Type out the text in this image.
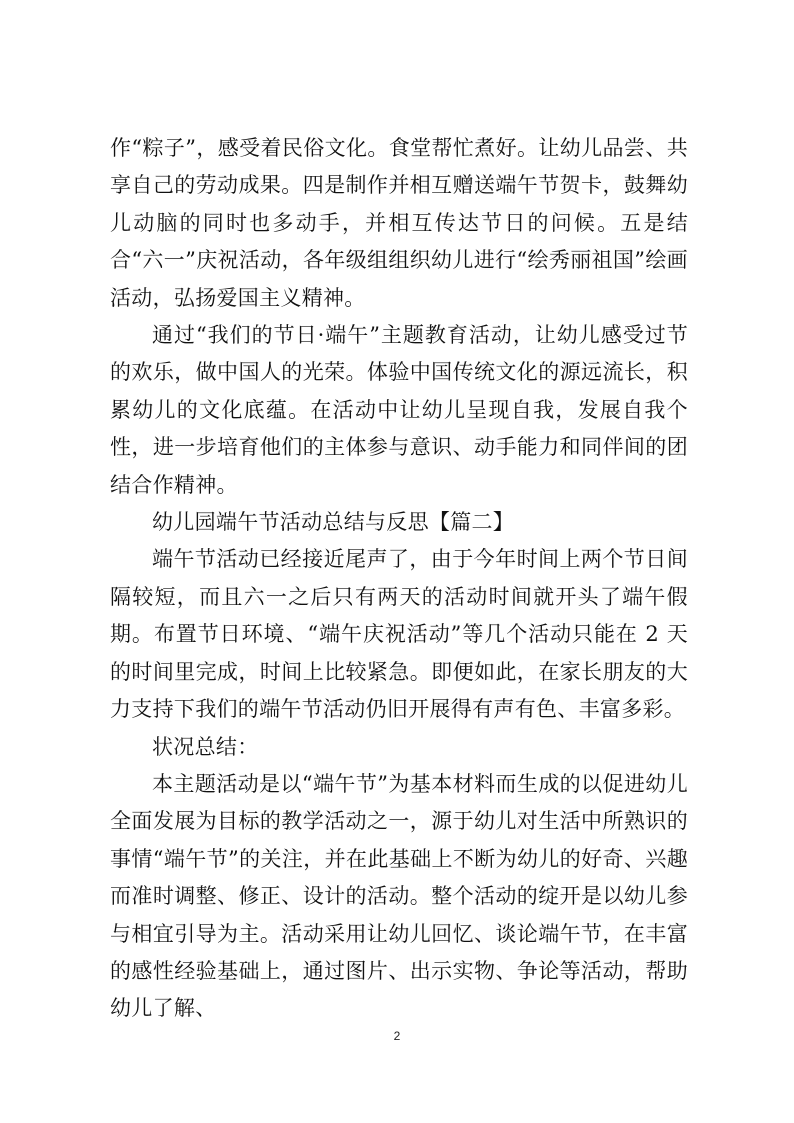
作“粽子”，感受着民俗文化。食堂帮忙煮好。让幼儿品尝、共享自己的劳动成果。四是制作并相互赠送端午节贺卡，鼓舞幼儿动脑的同时也多动手，并相互传达节日的问候。五是结合“六一”庆祝活动，各年级组组织幼儿进行“绘秀丽祖国”绘画活动，弘扬爱国主义精神。

通过“我们的节日·端午”主题教育活动，让幼儿感受过节的欢乐，做中国人的光荣。体验中国传统文化的源远流长，积累幼儿的文化底蕴。在活动中让幼儿呈现自我，发展自我个性，进一步培育他们的主体参与意识、动手能力和同伴间的团结合作精神。

幼儿园端午节活动总结与反思【篇二】

端午节活动已经接近尾声了，由于今年时间上两个节日间隔较短，而且六一之后只有两天的活动时间就开头了端午假期。布置节日环境、“端午庆祝活动”等几个活动只能在 2 天的时间里完成，时间上比较紧急。即便如此，在家长朋友的大力支持下我们的端午节活动仍旧开展得有声有色、丰富多彩。

状况总结：

本主题活动是以“端午节”为基本材料而生成的以促进幼儿全面发展为目标的教学活动之一，源于幼儿对生活中所熟识的事情“端午节”的关注，并在此基础上不断为幼儿的好奇、兴趣而准时调整、修正、设计的活动。整个活动的绽开是以幼儿参与相宜引导为主。活动采用让幼儿回忆、谈论端午节，在丰富的感性经验基础上，通过图片、出示实物、争论等活动，帮助幼儿了解、

2
